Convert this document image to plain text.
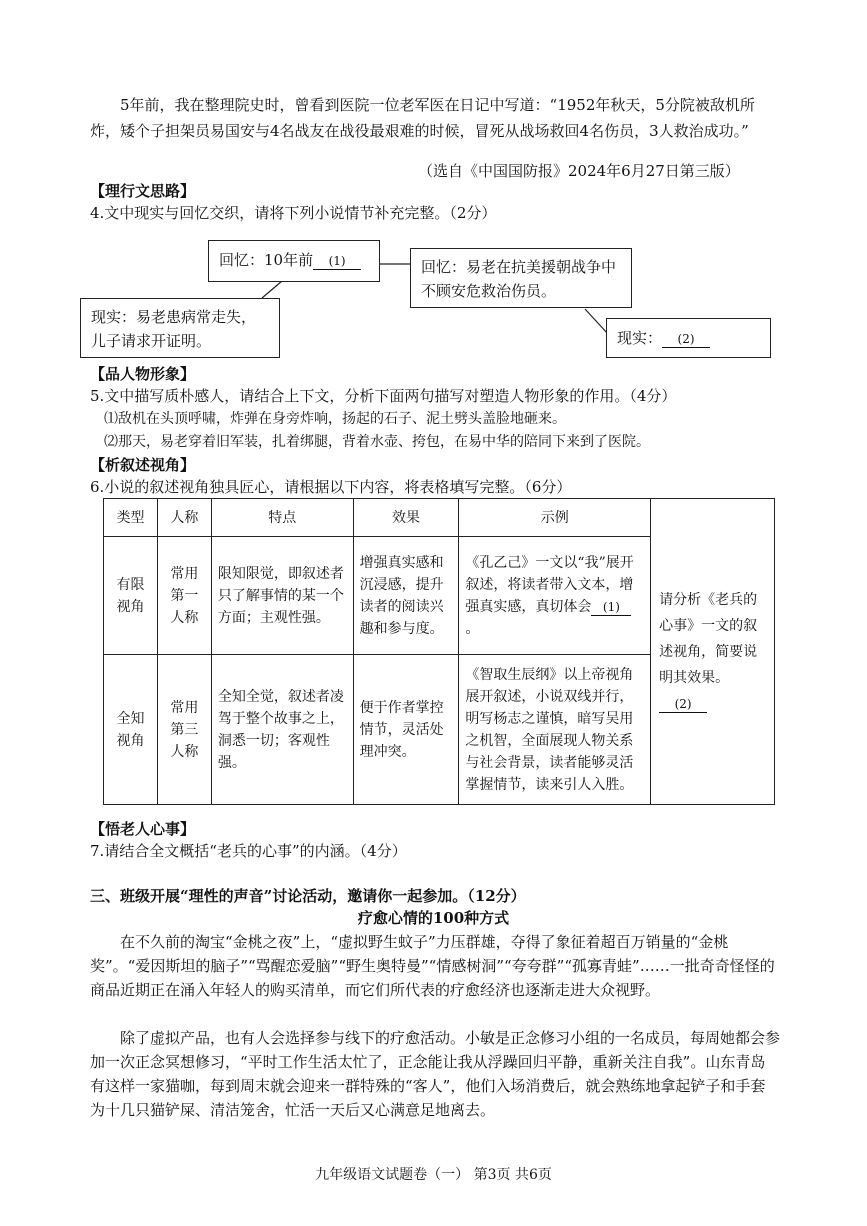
5年前，我在整理院史时，曾看到医院一位老军医在日记中写道：“1952年秋天，5分院被敌机所炸，矮个子担架员易国安与4名战友在战役最艰难的时候，冒死从战场救回4名伤员，3人救治成功。”
（选自《中国国防报》2024年6月27日第三版）
【理行文思路】
4.文中现实与回忆交织，请将下列小说情节补充完整。（2分）
回忆：10年前 (1)	回忆：易老在抗美援朝战争中不顾安危救治伤员。
现实：易老患病常走失，儿子请求开证明。	现实： (2)
【品人物形象】
5.文中描写质朴感人，请结合上下文，分析下面两句描写对塑造人物形象的作用。（4分）
⑴敌机在头顶呼啸，炸弹在身旁炸响，扬起的石子、泥土劈头盖脸地砸来。
⑵那天，易老穿着旧军装，扎着绑腿，背着水壶、挎包，在易中华的陪同下来到了医院。
【析叙述视角】
6.小说的叙述视角独具匠心，请根据以下内容，将表格填写完整。（6分）
类型	人称	特点	效果	示例	请分析《老兵的心事》一文的叙述视角，简要说明其效果。(2)
有限视角	常用第一人称	限知限觉，即叙述者只了解事情的某一个方面；主观性强。	增强真实感和沉浸感，提升读者的阅读兴趣和参与度。	《孔乙己》一文以“我”展开叙述，将读者带入文本，增强真实感，真切体会 (1)。	
全知视角	常用第三人称	全知全觉，叙述者凌驾于整个故事之上，洞悉一切；客观性强。	便于作者掌控情节，灵活处理冲突。	《智取生辰纲》以上帝视角展开叙述，小说双线并行，明写杨志之谨慎，暗写吴用之机智，全面展现人物关系与社会背景，读者能够灵活掌握情节，读来引人入胜。	
【悟老人心事】
7.请结合全文概括“老兵的心事”的内涵。（4分）
三、班级开展“理性的声音”讨论活动，邀请你一起参加。（12分）
疗愈心情的100种方式
在不久前的淘宝“金桃之夜”上，“虚拟野生蚊子”力压群雄，夺得了象征着超百万销量的“金桃奖”。“爱因斯坦的脑子”“骂醒恋爱脑”“野生奥特曼”“情感树洞”“夸夸群”“孤寡青蛙”……一批奇奇怪怪的商品近期正在涌入年轻人的购买清单，而它们所代表的疗愈经济也逐渐走进大众视野。
除了虚拟产品，也有人会选择参与线下的疗愈活动。小敏是正念修习小组的一名成员，每周她都会参加一次正念冥想修习，“平时工作生活太忙了，正念能让我从浮躁回归平静，重新关注自我”。山东青岛有这样一家猫咖，每到周末就会迎来一群特殊的“客人”，他们入场消费后，就会熟练地拿起铲子和手套为十几只猫铲屎、清洁笼舍，忙活一天后又心满意足地离去。
九年级语文试题卷（一） 第3页 共6页
